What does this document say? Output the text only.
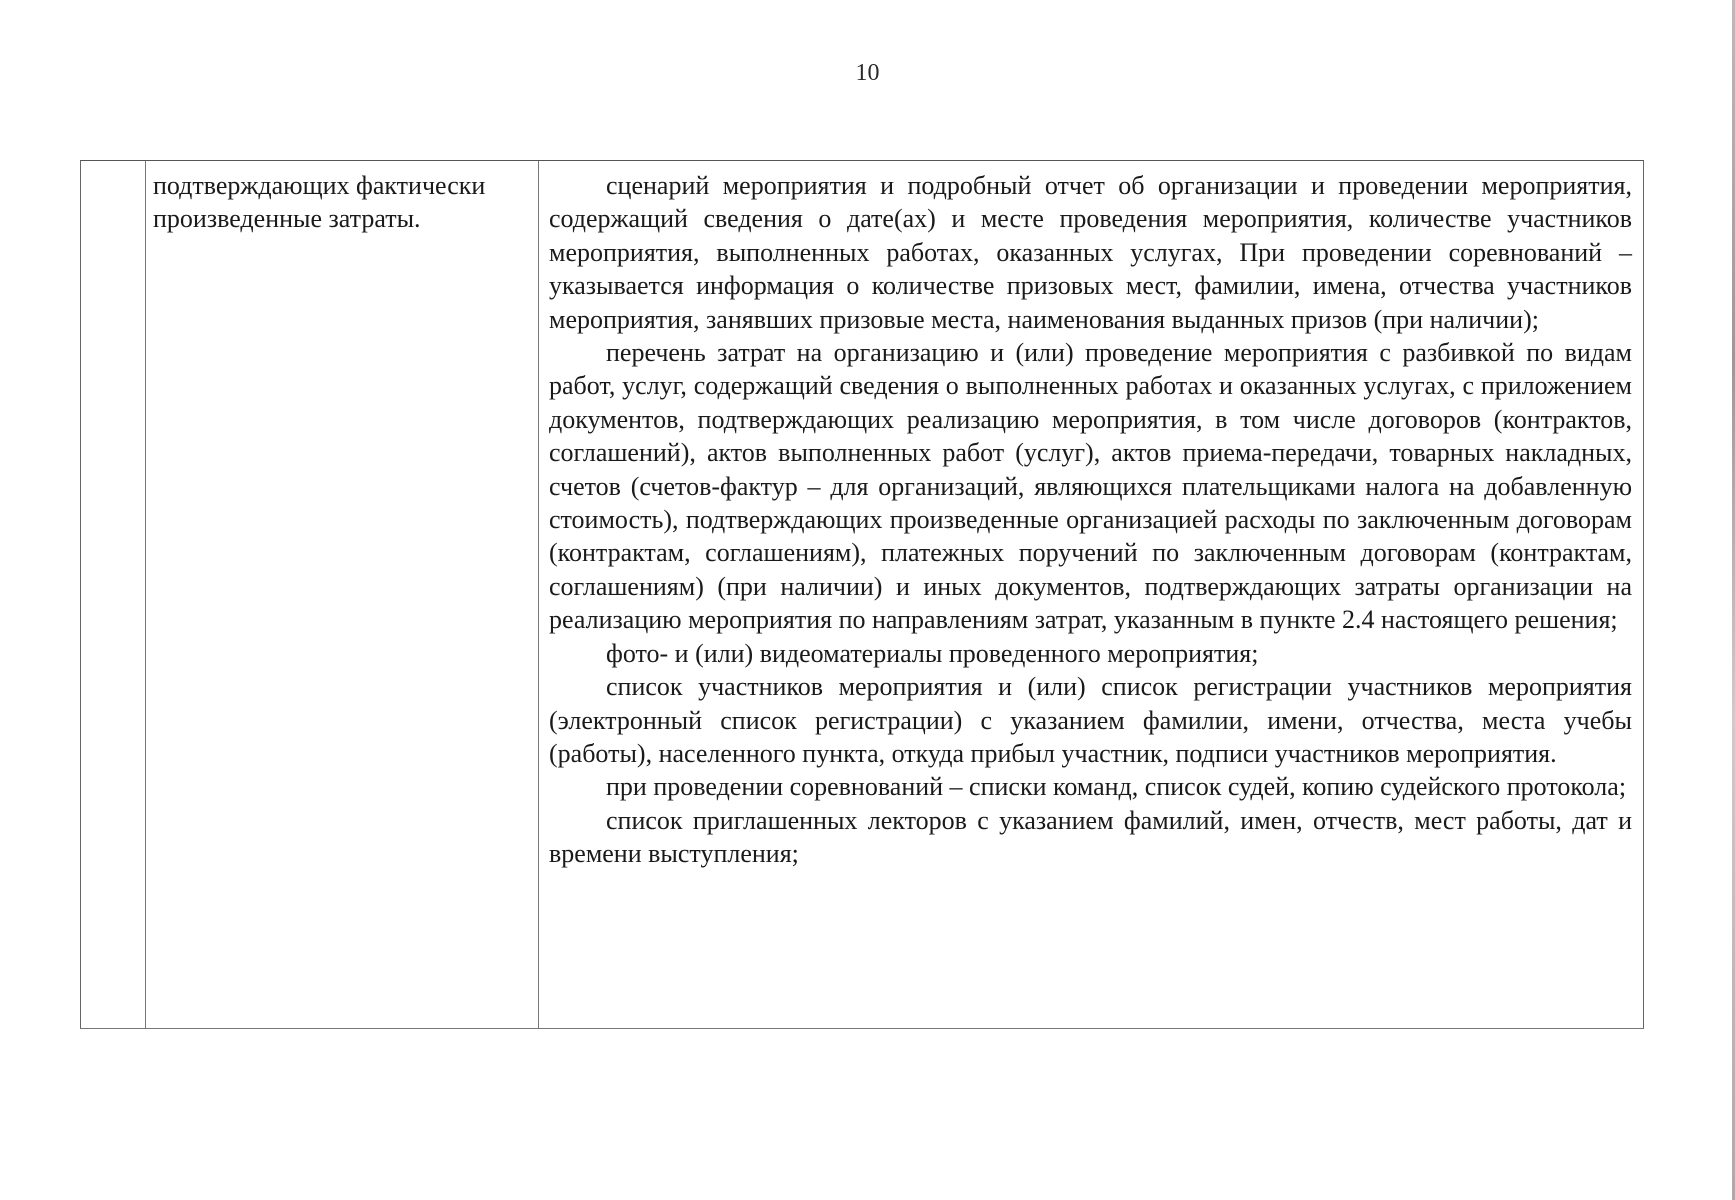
10
подтверждающих фактически произведенные затраты.

сценарий мероприятия и подробный отчет об организации и проведении мероприятия, содержащий сведения о дате(ах) и месте проведения мероприятия, количестве участников мероприятия, выполненных работах, оказанных услугах, При проведении соревнований – указывается информация о количестве призовых мест, фамилии, имена, отчества участников мероприятия, занявших призовые места, наименования выданных призов (при наличии);

перечень затрат на организацию и (или) проведение мероприятия с разбивкой по видам работ, услуг, содержащий сведения о выполненных работах и оказанных услугах, с приложением документов, подтверждающих реализацию мероприятия, в том числе договоров (контрактов, соглашений), актов выполненных работ (услуг), актов приема-передачи, товарных накладных, счетов (счетов-фактур – для организаций, являющихся плательщиками налога на добавленную стоимость), подтверждающих произведенные организацией расходы по заключенным договорам (контрактам, соглашениям), платежных поручений по заключенным договорам (контрактам, соглашениям) (при наличии) и иных документов, подтверждающих затраты организации на реализацию мероприятия по направлениям затрат, указанным в пункте 2.4 настоящего решения;

фото- и (или) видеоматериалы проведенного мероприятия;

список участников мероприятия и (или) список регистрации участников мероприятия (электронный список регистрации) с указанием фамилии, имени, отчества, места учебы (работы), населенного пункта, откуда прибыл участник, подписи участников мероприятия.

при проведении соревнований – списки команд, список судей, копию судейского протокола;

список приглашенных лекторов с указанием фамилий, имен, отчеств, мест работы, дат и времени выступления;
